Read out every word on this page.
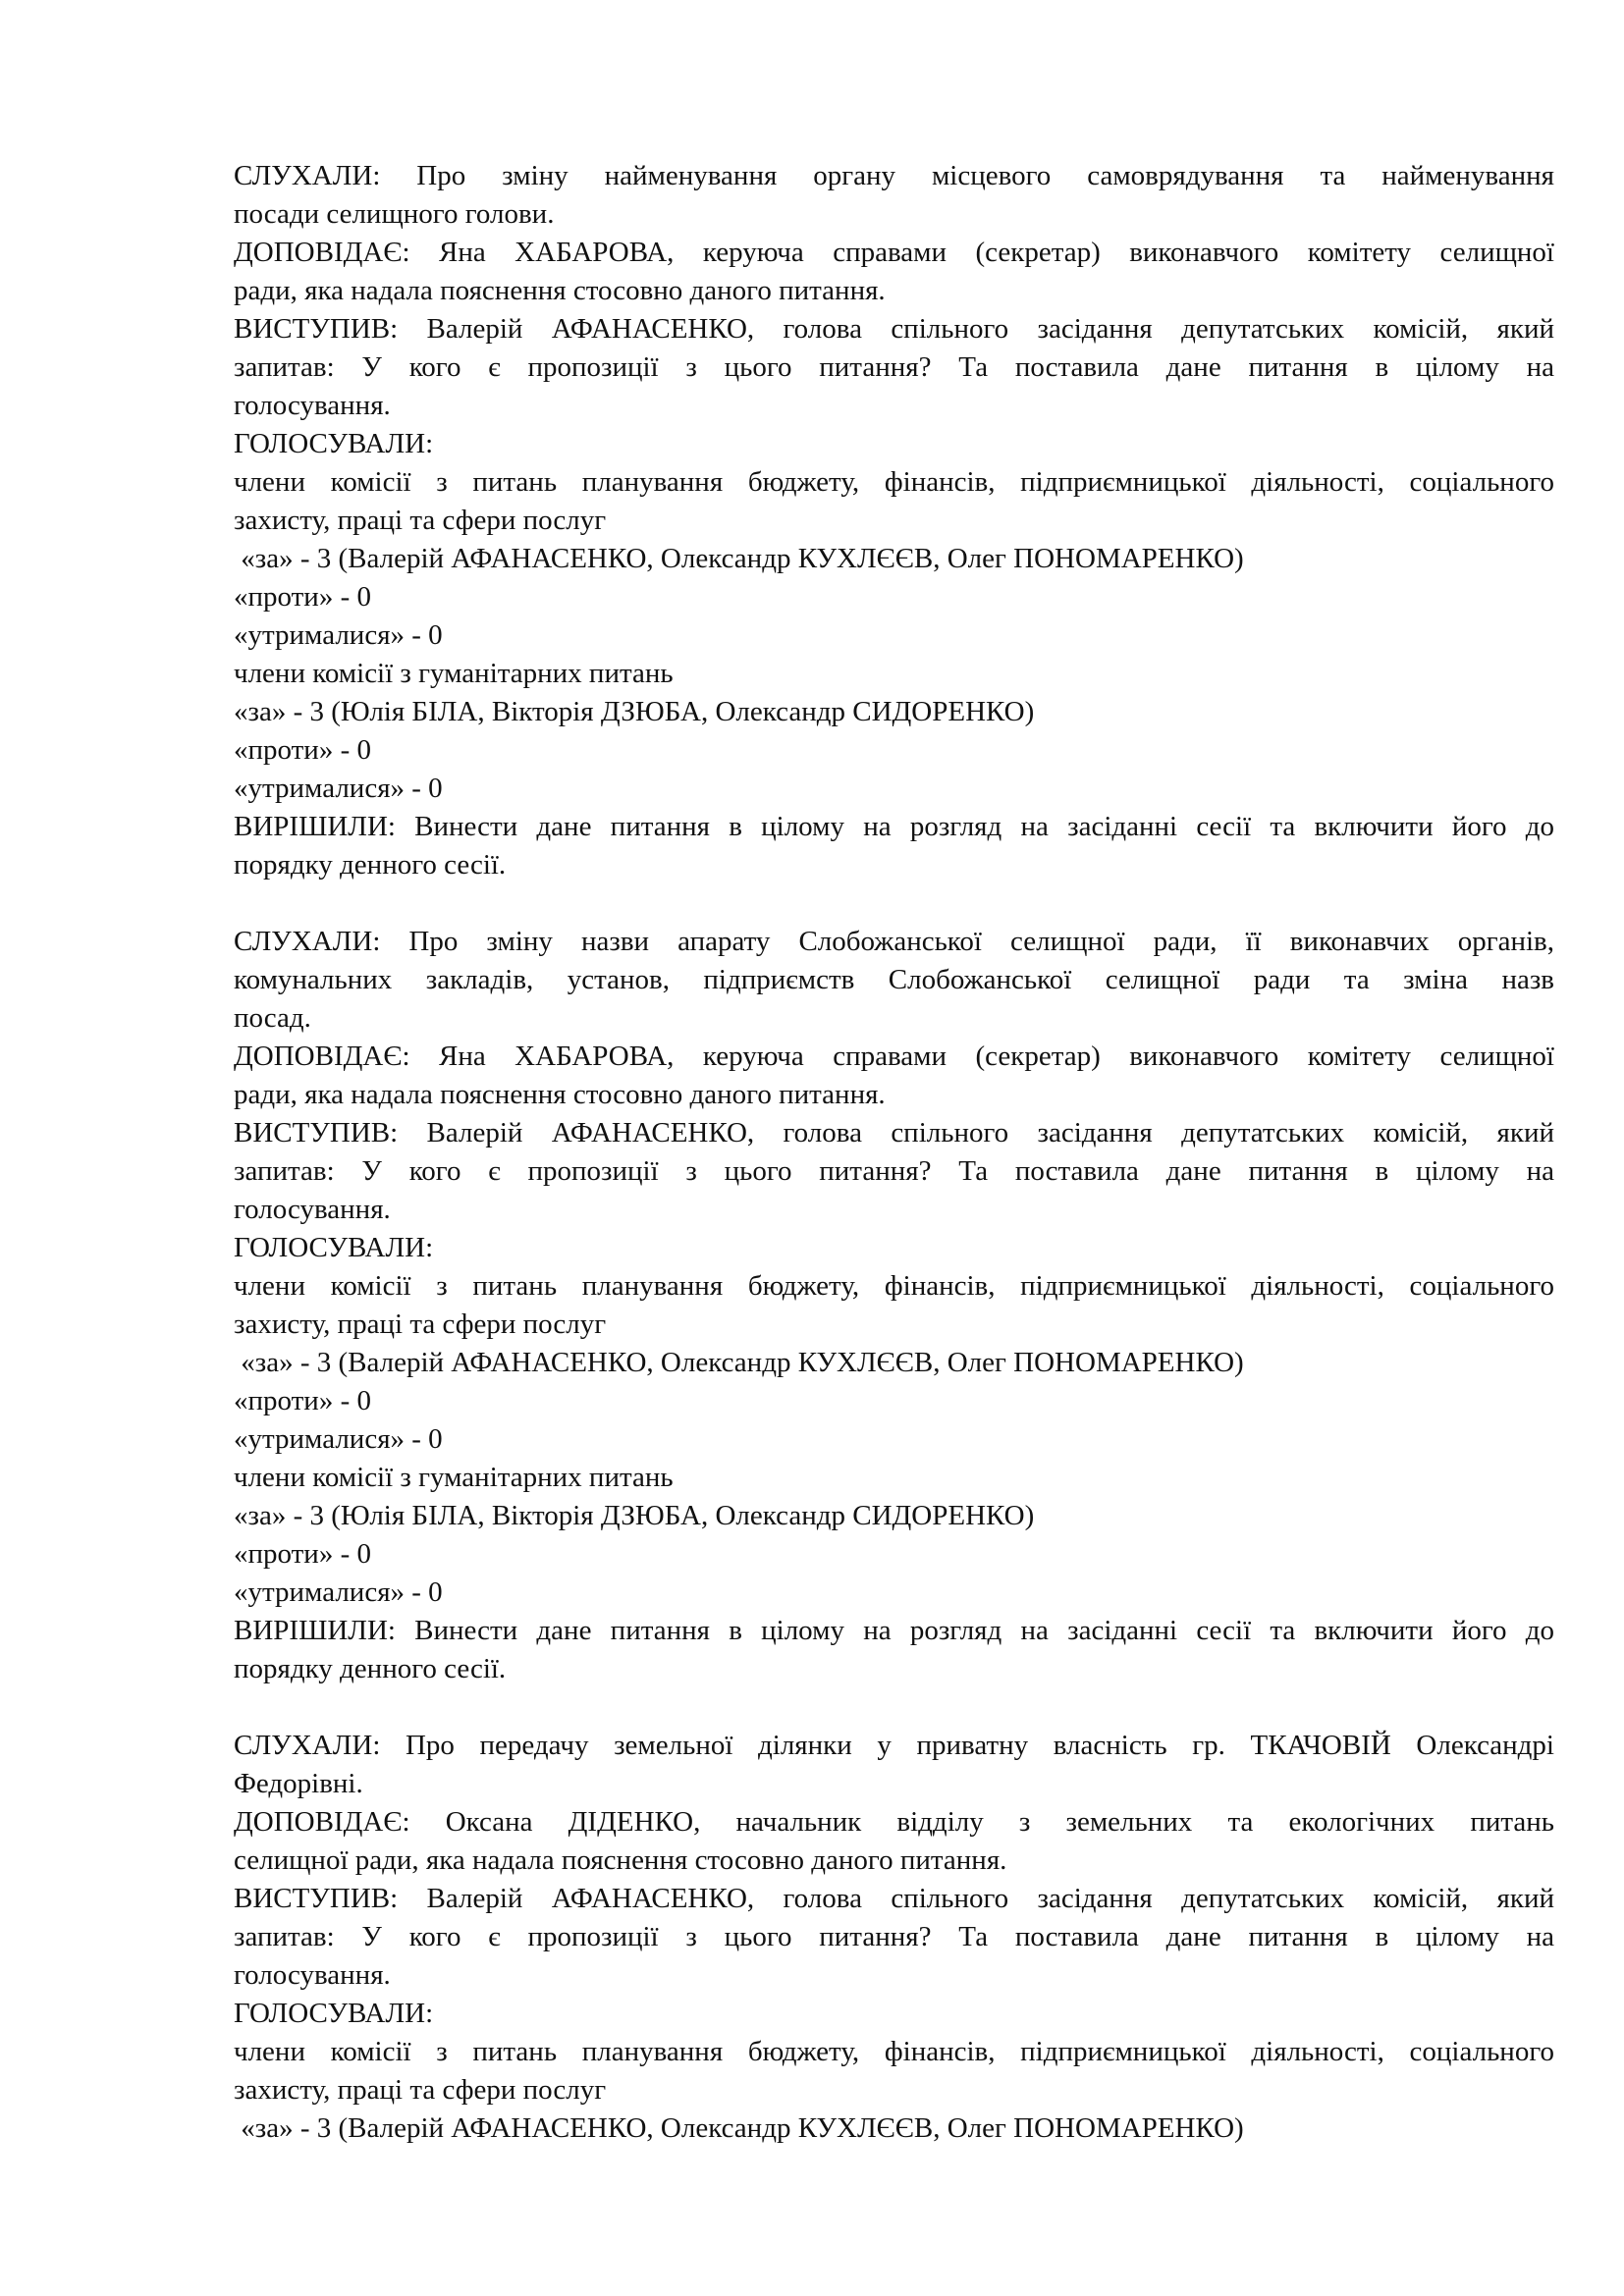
СЛУХАЛИ: Про зміну найменування органу місцевого самоврядування та найменування
посади селищного голови.
ДОПОВІДАЄ: Яна ХАБАРОВА, керуюча справами (секретар) виконавчого комітету селищної
ради, яка надала пояснення стосовно даного питання.
ВИСТУПИВ: Валерій АФАНАСЕНКО, голова спільного засідання депутатських комісій, який
запитав: У кого є пропозиції з цього питання? Та поставила дане питання в цілому на
голосування.
ГОЛОСУВАЛИ:
члени комісії з питань планування бюджету, фінансів, підприємницької діяльності, соціального
захисту, праці та сфери послуг
«за» - 3 (Валерій АФАНАСЕНКО, Олександр КУХЛЄЄВ, Олег ПОНОМАРЕНКО)
«проти» - 0
«утрималися» - 0
члени комісії з гуманітарних питань
«за» - 3 (Юлія БІЛА, Вікторія ДЗЮБА, Олександр СИДОРЕНКО)
«проти» - 0
«утрималися» - 0
ВИРІШИЛИ: Винести дане питання в цілому на розгляд на засіданні сесії та включити його до
порядку денного сесії.
СЛУХАЛИ: Про зміну назви апарату Слобожанської селищної ради, її виконавчих органів,
комунальних закладів, установ, підприємств Слобожанської селищної ради та зміна назв
посад.
ДОПОВІДАЄ: Яна ХАБАРОВА, керуюча справами (секретар) виконавчого комітету селищної
ради, яка надала пояснення стосовно даного питання.
ВИСТУПИВ: Валерій АФАНАСЕНКО, голова спільного засідання депутатських комісій, який
запитав: У кого є пропозиції з цього питання? Та поставила дане питання в цілому на
голосування.
ГОЛОСУВАЛИ:
члени комісії з питань планування бюджету, фінансів, підприємницької діяльності, соціального
захисту, праці та сфери послуг
«за» - 3 (Валерій АФАНАСЕНКО, Олександр КУХЛЄЄВ, Олег ПОНОМАРЕНКО)
«проти» - 0
«утрималися» - 0
члени комісії з гуманітарних питань
«за» - 3 (Юлія БІЛА, Вікторія ДЗЮБА, Олександр СИДОРЕНКО)
«проти» - 0
«утрималися» - 0
ВИРІШИЛИ: Винести дане питання в цілому на розгляд на засіданні сесії та включити його до
порядку денного сесії.
СЛУХАЛИ: Про передачу земельної ділянки у приватну власність гр. ТКАЧОВІЙ Олександрі
Федорівні.
ДОПОВІДАЄ: Оксана ДІДЕНКО, начальник відділу з земельних та екологічних питань
селищної ради, яка надала пояснення стосовно даного питання.
ВИСТУПИВ: Валерій АФАНАСЕНКО, голова спільного засідання депутатських комісій, який
запитав: У кого є пропозиції з цього питання? Та поставила дане питання в цілому на
голосування.
ГОЛОСУВАЛИ:
члени комісії з питань планування бюджету, фінансів, підприємницької діяльності, соціального
захисту, праці та сфери послуг
«за» - 3 (Валерій АФАНАСЕНКО, Олександр КУХЛЄЄВ, Олег ПОНОМАРЕНКО)
